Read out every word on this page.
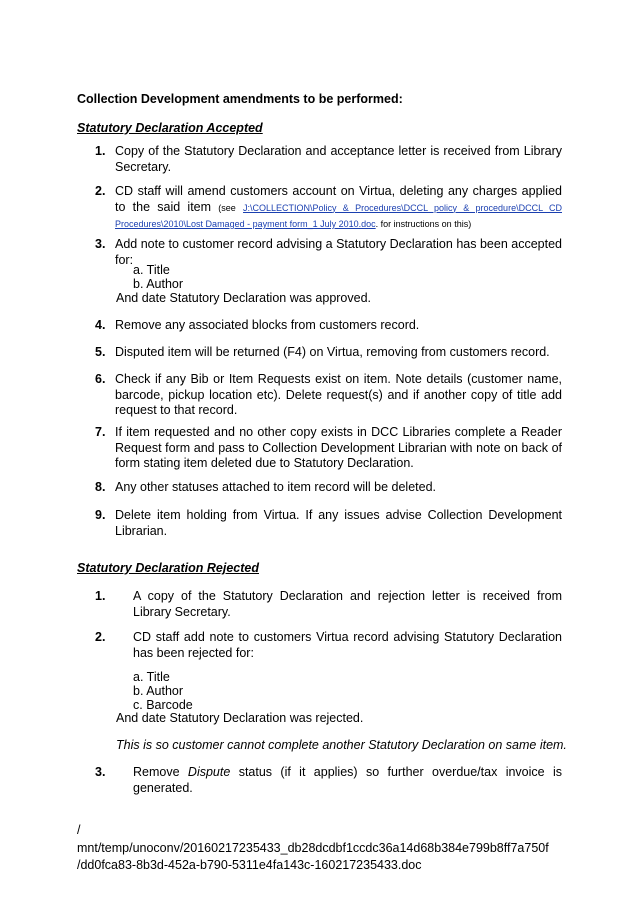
Collection Development amendments to be performed:
Statutory Declaration Accepted
1. Copy of the Statutory Declaration and acceptance letter is received from Library Secretary.
2. CD staff will amend customers account on Virtua, deleting any charges applied to the said item (see J:\COLLECTION\Policy & Procedures\DCCL policy & procedure\DCCL CD Procedures\2010\Lost Damaged - payment form_1 July 2010.doc. for instructions on this)
3. Add note to customer record advising a Statutory Declaration has been accepted for:
a. Title
b. Author
And date Statutory Declaration was approved.
4. Remove any associated blocks from customers record.
5. Disputed item will be returned (F4) on Virtua, removing from customers record.
6. Check if any Bib or Item Requests exist on item. Note details (customer name, barcode, pickup location etc). Delete request(s) and if another copy of title add request to that record.
7. If item requested and no other copy exists in DCC Libraries complete a Reader Request form and pass to Collection Development Librarian with note on back of form stating item deleted due to Statutory Declaration.
8. Any other statuses attached to item record will be deleted.
9. Delete item holding from Virtua. If any issues advise Collection Development Librarian.
Statutory Declaration Rejected
1. A copy of the Statutory Declaration and rejection letter is received from Library Secretary.
2. CD staff add note to customers Virtua record advising Statutory Declaration has been rejected for:
a. Title
b. Author
c. Barcode
And date Statutory Declaration was rejected.
This is so customer cannot complete another Statutory Declaration on same item.
3. Remove Dispute status (if it applies) so further overdue/tax invoice is generated.
/
mnt/temp/unoconv/20160217235433_db28dcdbf1ccdc36a14d68b384e799b8ff7a750f
/dd0fca83-8b3d-452a-b790-5311e4fa143c-160217235433.doc
